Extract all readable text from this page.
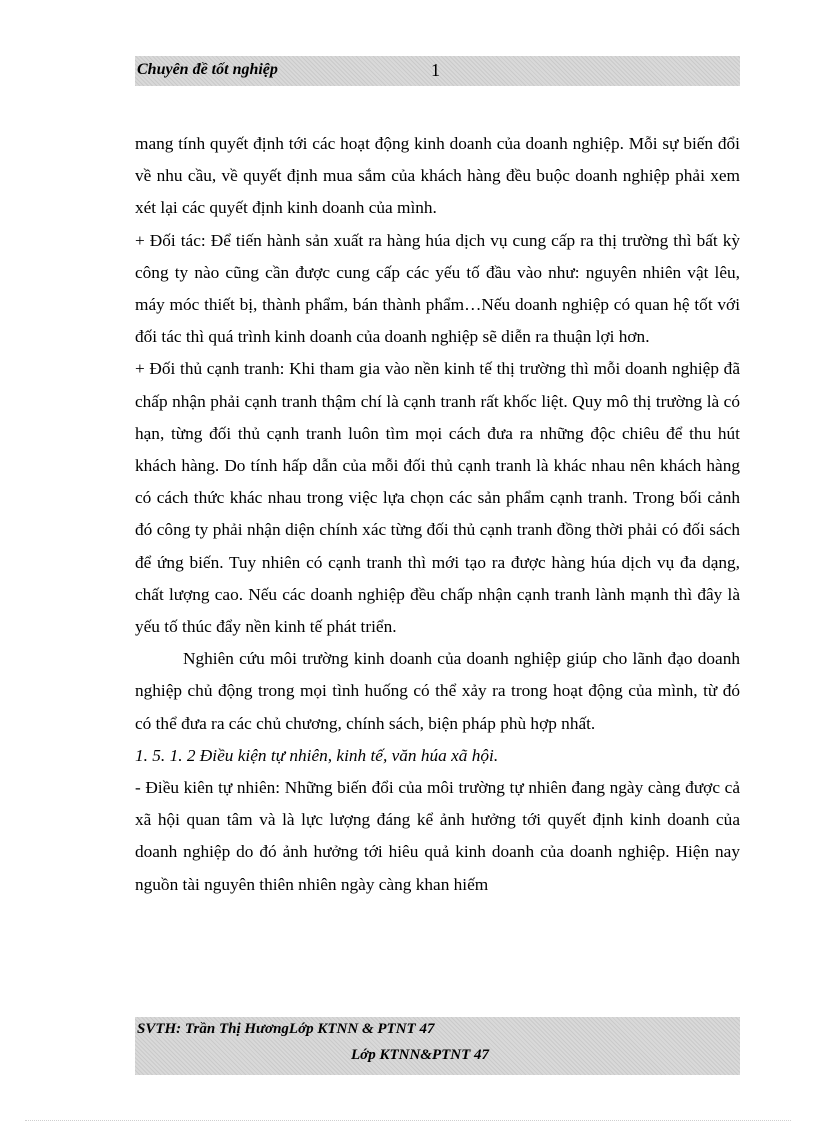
Chuyên đề tốt nghiệp	1

mang tính quyết định tới các hoạt động kinh doanh của doanh nghiệp. Mỗi sự biến đổi về nhu cầu, về quyết định mua sắm của khách hàng đều buộc doanh nghiệp phải xem xét lại các quyết định kinh doanh của mình.

+ Đối tác: Để tiến hành sản xuất ra hàng húa dịch vụ cung cấp ra thị trường thì bất kỳ công ty nào cũng cần được cung cấp các yếu tố đầu vào như: nguyên nhiên vật lêu, máy móc thiết bị, thành phẩm, bán thành phẩm…Nếu doanh nghiệp có quan hệ tốt với đối tác thì quá trình kinh doanh của doanh nghiệp sẽ diễn ra thuận lợi hơn.

+ Đối thủ cạnh tranh: Khi tham gia vào nền kinh tế thị trường thì mỗi doanh nghiệp đã chấp nhận phải cạnh tranh thậm chí là cạnh tranh rất khốc liệt. Quy mô thị trường là có hạn, từng đối thủ cạnh tranh luôn tìm mọi cách đưa ra những độc chiêu để thu hút khách hàng. Do tính hấp dẫn của mỗi đối thủ cạnh tranh là khác nhau nên khách hàng có cách thức khác nhau trong việc lựa chọn các sản phẩm cạnh tranh. Trong bối cảnh đó công ty phải nhận diện chính xác từng đối thủ cạnh tranh đồng thời phải có đối sách để ứng biến. Tuy nhiên có cạnh tranh thì mới tạo ra được hàng húa dịch vụ đa dạng, chất lượng cao. Nếu các doanh nghiệp đều chấp nhận cạnh tranh lành mạnh thì đây là yếu tố thúc đẩy nền kinh tế phát triển.

Nghiên cứu môi trường kinh doanh của doanh nghiệp giúp cho lãnh đạo doanh nghiệp chủ động trong mọi tình huống có thể xảy ra trong hoạt động của mình, từ đó có thể đưa ra các chủ chương, chính sách, biện pháp phù hợp nhất.

1. 5. 1. 2 Điều kiện tự nhiên, kinh tế, văn húa xã hội.

- Điều kiên tự nhiên: Những biến đổi của môi trường tự nhiên đang ngày càng được cả xã hội quan tâm và là lực lượng đáng kể ảnh hưởng tới quyết định kinh doanh của doanh nghiệp do đó ảnh hưởng tới hiêu quả kinh doanh của doanh nghiệp. Hiện nay nguồn tài nguyên thiên nhiên ngày càng khan hiếm

SVTH: Trần Thị HươngLớp KTNN & PTNT 47
Lớp KTNN&PTNT 47
